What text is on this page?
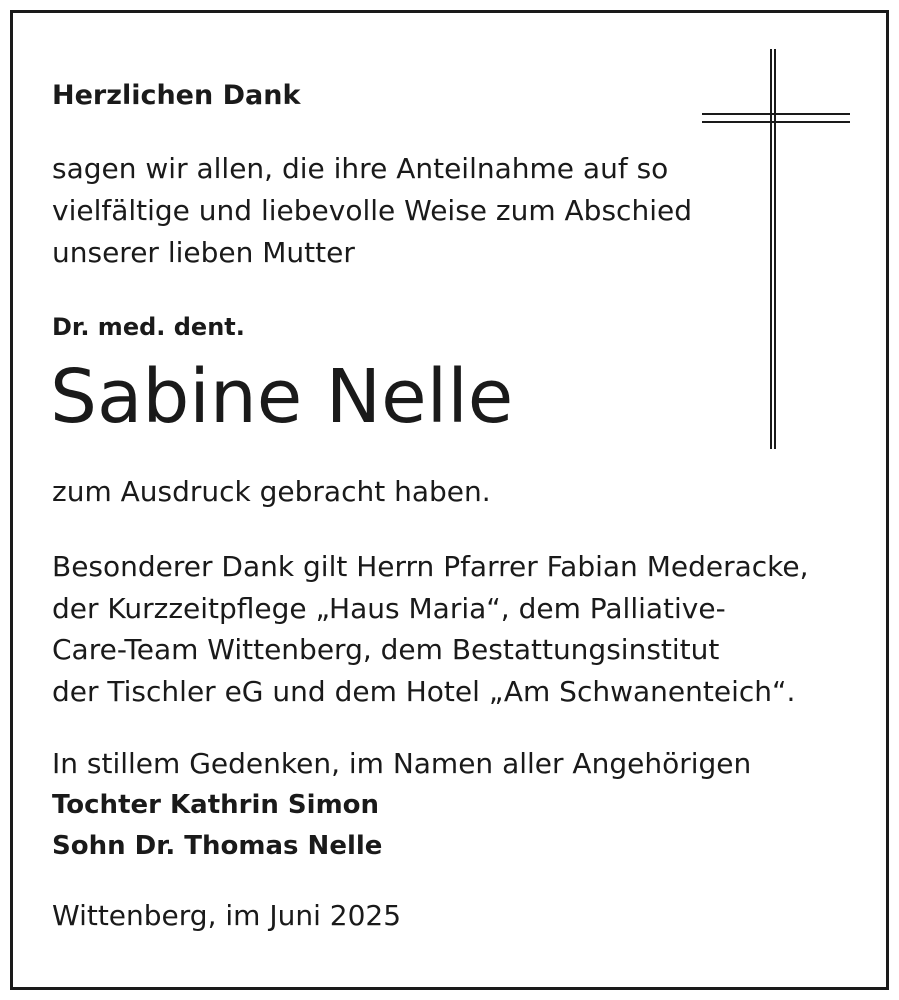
Herzlichen Dank

sagen wir allen, die ihre Anteilnahme auf so

vielfältige und liebevolle Weise zum Abschied

unserer lieben Mutter

Dr. med. dent.

Sabine Nelle

zum Ausdruck gebracht haben.

Besonderer Dank gilt Herrn Pfarrer Fabian Mederacke,

der Kurzzeitpflege „Haus Maria“, dem Palliative-

Care-Team Wittenberg, dem Bestattungsinstitut

der Tischler eG und dem Hotel „Am Schwanenteich“.

In stillem Gedenken, im Namen aller Angehörigen

Tochter Kathrin Simon

Sohn Dr. Thomas Nelle

Wittenberg, im Juni 2025
